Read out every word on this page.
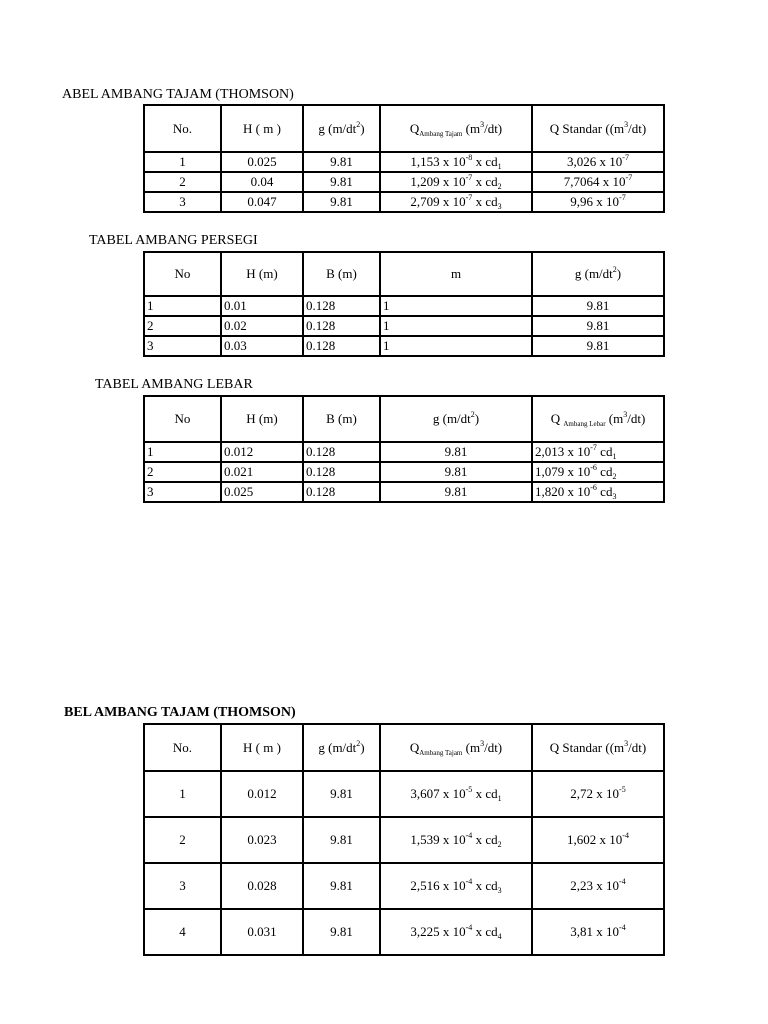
ABEL AMBANG TAJAM (THOMSON)
No.	H ( m )	g $(m/dt^2)$	$Q_{Ambang Tajam}$ $(m^3/dt)$	Q Standar ($(m^3/dt)$
1	0.025	9.81	1,153 x $10^{-8}$ x $cd_1$	3,026 x $10^{-7}$
2	0.04	9.81	1,209 x $10^{-7}$ x $cd_2$	7,7064 x $10^{-7}$
3	0.047	9.81	2,709 x $10^{-7}$ x $cd_3$	9,96 x $10^{-7}$
TABEL AMBANG PERSEGI
No	H (m)	B (m)	m	g $(m/dt^2)$
1	0.01	0.128	1	9.81
2	0.02	0.128	1	9.81
3	0.03	0.128	1	9.81
TABEL AMBANG LEBAR
No	H (m)	B (m)	g $(m/dt^2)$	Q $_{Ambang Lebar}$ $(m^3/dt)$
1	0.012	0.128	9.81	2,013 x $10^{-7}$ $cd_1$
2	0.021	0.128	9.81	1,079 x $10^{-6}$ $cd_2$
3	0.025	0.128	9.81	1,820 x $10^{-6}$ $cd_3$
BEL AMBANG TAJAM (THOMSON)
No.	H ( m )	g $(m/dt^2)$	$Q_{Ambang Tajam}$ $(m^3/dt)$	Q Standar ($(m^3/dt)$
1	0.012	9.81	3,607 x $10^{-5}$ x $cd_1$	2,72 x $10^{-5}$
2	0.023	9.81	1,539 x $10^{-4}$ x $cd_2$	1,602 x $10^{-4}$
3	0.028	9.81	2,516 x $10^{-4}$ x $cd_3$	2,23 x $10^{-4}$
4	0.031	9.81	3,225 x $10^{-4}$ x $cd_4$	3,81 x $10^{-4}$
